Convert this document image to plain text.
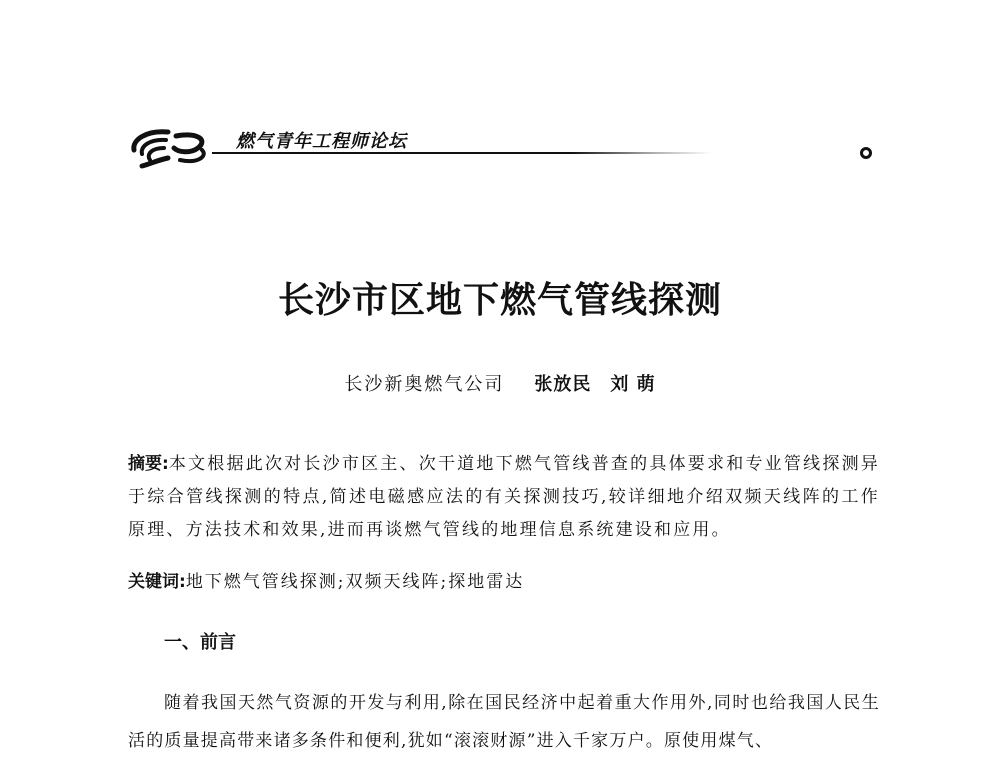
燃气青年工程师论坛
长沙市区地下燃气管线探测
长沙新奥燃气公司 张放民　刘 萌
摘要:本文根据此次对长沙市区主、次干道地下燃气管线普查的具体要求和专业管线探测异于综合管线探测的特点,简述电磁感应法的有关探测技巧,较详细地介绍双频天线阵的工作原理、方法技术和效果,进而再谈燃气管线的地理信息系统建设和应用。
关键词:地下燃气管线探测;双频天线阵;探地雷达
一、前言
随着我国天然气资源的开发与利用,除在国民经济中起着重大作用外,同时也给我国人民生活的质量提高带来诸多条件和便利,犹如“滚滚财源”进入千家万户。原使用煤气、
